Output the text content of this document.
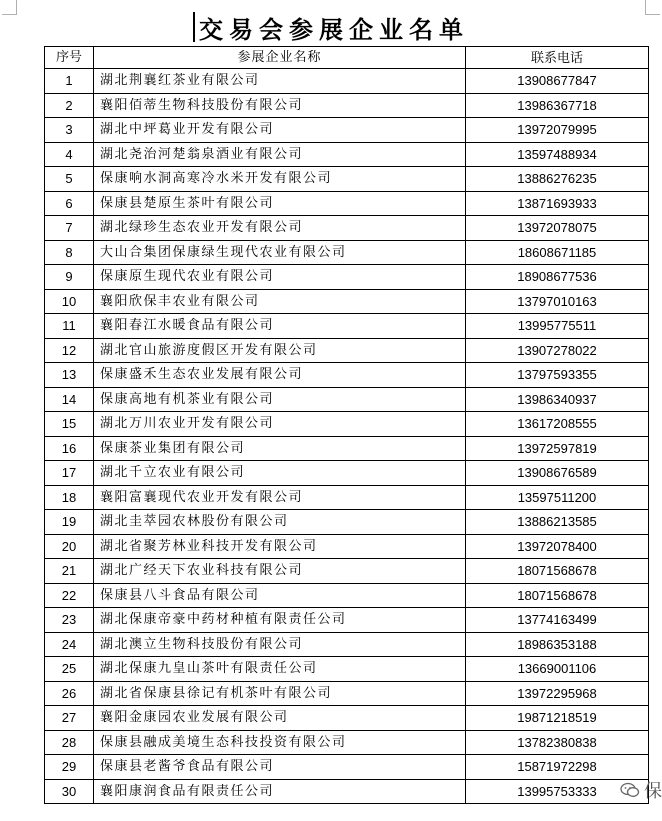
交易会参展企业名单
序号	参展企业名称	联系电话
1	湖北荆襄红茶业有限公司	13908677847
2	襄阳佰蒂生物科技股份有限公司	13986367718
3	湖北中坪葛业开发有限公司	13972079995
4	湖北尧治河楚翁泉酒业有限公司	13597488934
5	保康响水洞高寒冷水米开发有限公司	13886276235
6	保康县楚原生茶叶有限公司	13871693933
7	湖北绿珍生态农业开发有限公司	13972078075
8	大山合集团保康绿生现代农业有限公司	18608671185
9	保康原生现代农业有限公司	18908677536
10	襄阳欣保丰农业有限公司	13797010163
11	襄阳春江水暖食品有限公司	13995775511
12	湖北官山旅游度假区开发有限公司	13907278022
13	保康盛禾生态农业发展有限公司	13797593355
14	保康高地有机茶业有限公司	13986340937
15	湖北万川农业开发有限公司	13617208555
16	保康茶业集团有限公司	13972597819
17	湖北千立农业有限公司	13908676589
18	襄阳富襄现代农业开发有限公司	13597511200
19	湖北圭萃园农林股份有限公司	13886213585
20	湖北省聚芳林业科技开发有限公司	13972078400
21	湖北广经天下农业科技有限公司	18071568678
22	保康县八斗食品有限公司	18071568678
23	湖北保康帝豪中药材种植有限责任公司	13774163499
24	湖北澳立生物科技股份有限公司	18986353188
25	湖北保康九皇山茶叶有限责任公司	13669001106
26	湖北省保康县徐记有机茶叶有限公司	13972295968
27	襄阳金康园农业发展有限公司	19871218519
28	保康县融成美境生态科技投资有限公司	13782380838
29	保康县老酱爷食品有限公司	15871972298
30	襄阳康润食品有限责任公司	13995753333	保
